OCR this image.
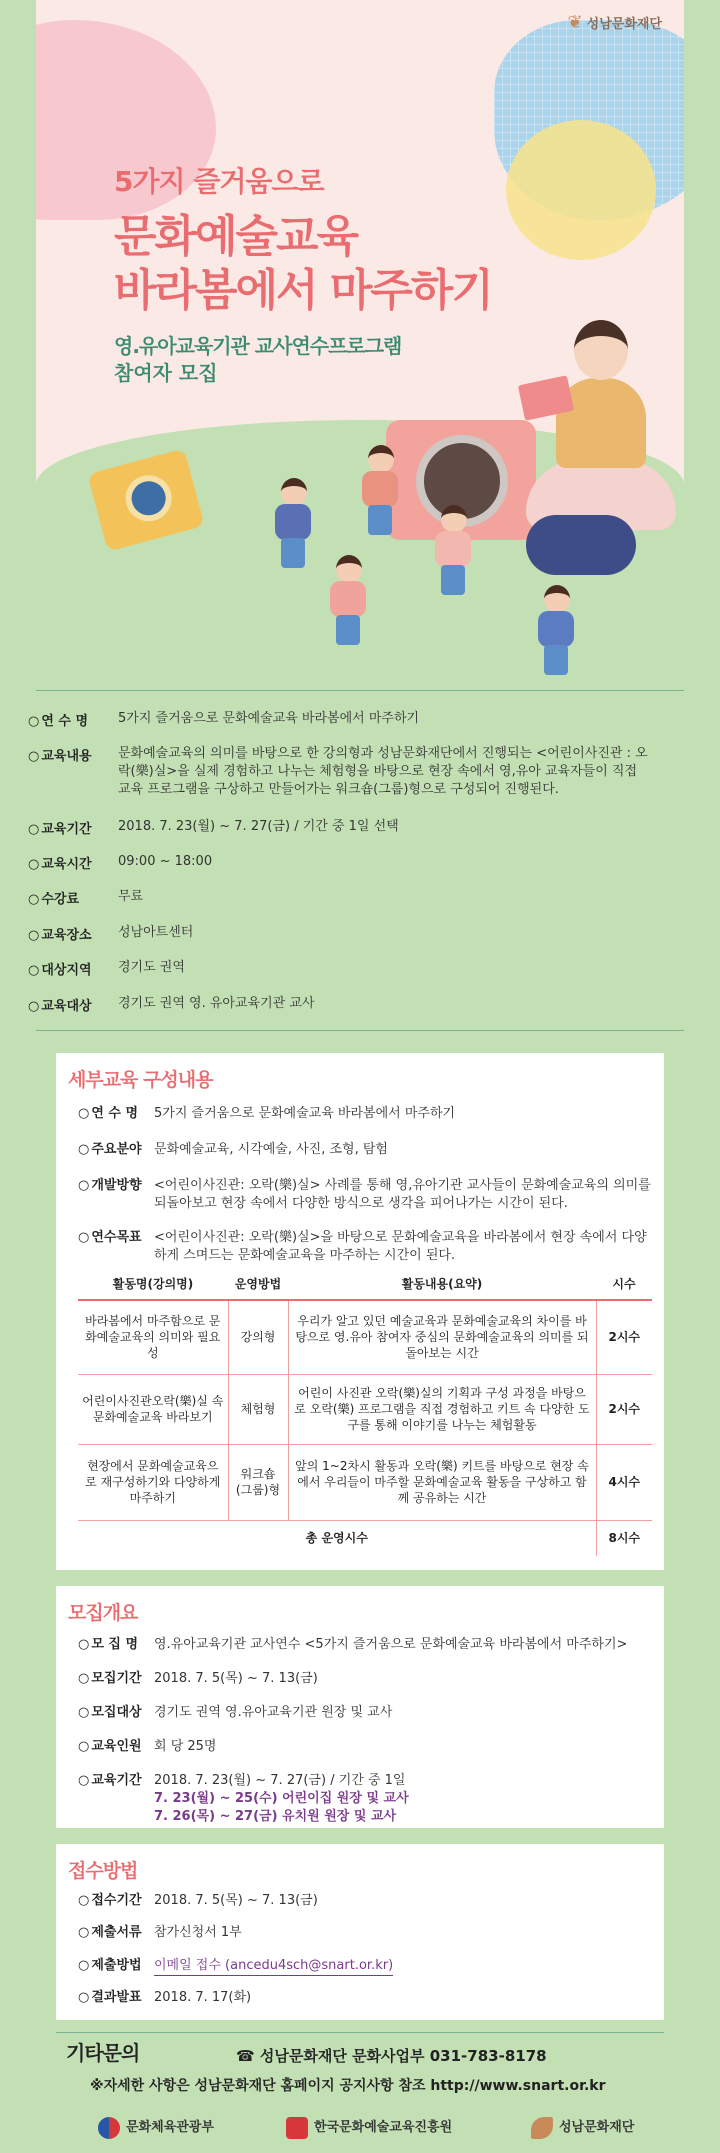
❦ 성남문화재단
5가지 즐거움으로
문화예술교육
바라봄에서 마주하기
영.유아교육기관 교사연수프로그램
참여자 모집
○ 연 수 명	5가지 즐거움으로 문화예술교육 바라봄에서 마주하기
○ 교육내용	문화예술교육의 의미를 바탕으로 한 강의형과 성남문화재단에서 진행되는 <어린이사진관 : 오락(樂)실>을 실제 경험하고 나누는 체험형을 바탕으로 현장 속에서 영,유아 교육자들이 직접 교육 프로그램을 구상하고 만들어가는 워크숍(그룹)형으로 구성되어 진행된다.
○ 교육기간	2018. 7. 23(월) ~ 7. 27(금) / 기간 중 1일 선택
○ 교육시간	09:00 ~ 18:00
○ 수강료	무료
○ 교육장소	성남아트센터
○ 대상지역	경기도 권역
○ 교육대상	경기도 권역 영. 유아교육기관 교사
세부교육 구성내용
○ 연 수 명	5가지 즐거움으로 문화예술교육 바라봄에서 마주하기
○ 주요분야 문화예술교육, 시각예술, 사진, 조형, 탐험
○ 개발방향 <어린이사진관: 오락(樂)실> 사례를 통해 영,유아기관 교사들이 문화예술교육의 의미를 되돌아보고 현장 속에서 다양한 방식으로 생각을 피어나가는 시간이 된다.
○ 연수목표 <어린이사진관: 오락(樂)실>을 바탕으로 문화예술교육을 바라봄에서 현장 속에서 다양하게 스며드는 문화예술교육을 마주하는 시간이 된다.
활동명(강의명)	운영방법	활동내용(요약)	시수
바라봄에서 마주함으로 문화예술교육의 의미와 필요성	강의형	우리가 알고 있던 예술교육과 문화예술교육의 차이를 바탕으로 영.유아 참여자 중심의 문화예술교육의 의미를 되돌아보는 시간	2시수
어린이사진관오락(樂)실 속 문화예술교육 바라보기	체험형	어린이 사진관 오락(樂)실의 기획과 구성 과정을 바탕으로 오락(樂) 프로그램을 직접 경험하고 키트 속 다양한 도구를 통해 이야기를 나누는 체험활동	2시수
현장에서 문화예술교육으로 재구성하기와 다양하게 마주하기	워크숍 (그룹)형	앞의 1~2차시 활동과 오락(樂) 키트를 바탕으로 현장 속에서 우리들이 마주할 문화예술교육 활동을 구상하고 함께 공유하는 시간	4시수
총 운영시수			8시수
모집개요
○ 모 집 명	영.유아교육기관 교사연수 <5가지 즐거움으로 문화예술교육 바라봄에서 마주하기>
○ 모집기간 2018. 7. 5(목) ~ 7. 13(금)
○ 모집대상 경기도 권역 영.유아교육기관 원장 및 교사
○ 교육인원 회 당 25명
○ 교육기간 2018. 7. 23(월) ~ 7. 27(금) / 기간 중 1일
7. 23(월) ~ 25(수) 어린이집 원장 및 교사
7. 26(목) ~ 27(금) 유치원 원장 및 교사
접수방법
○ 접수기간 2018. 7. 5(목) ~ 7. 13(금)
○ 제출서류 참가신청서 1부
○ 제출방법 이메일 접수 (ancedu4sch@snart.or.kr)
○ 결과발표 2018. 7. 17(화)
기타문의	☎ 성남문화재단 문화사업부 031-783-8178
※자세한 사항은 성남문화재단 홈페이지 공지사항 참조 http://www.snart.or.kr
문화체육관광부	한국문화예술교육진흥원	성남문화재단
